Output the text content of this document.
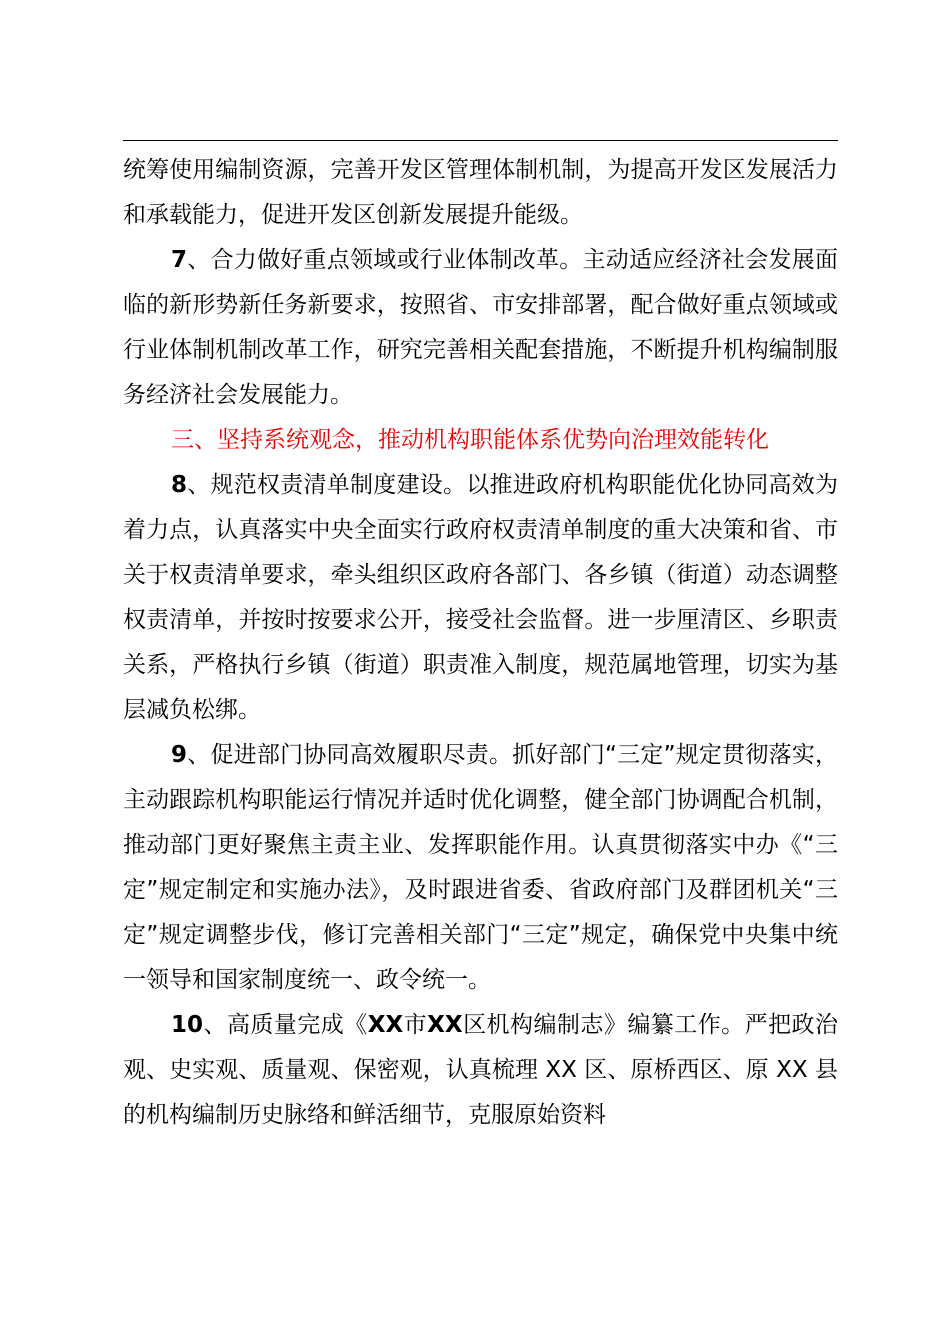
统筹使用编制资源，完善开发区管理体制机制，为提高开发区发展活力和承载能力，促进开发区创新发展提升能级。

7、合力做好重点领域或行业体制改革。主动适应经济社会发展面临的新形势新任务新要求，按照省、市安排部署，配合做好重点领域或行业体制机制改革工作，研究完善相关配套措施，不断提升机构编制服务经济社会发展能力。

三、坚持系统观念，推动机构职能体系优势向治理效能转化

8、规范权责清单制度建设。以推进政府机构职能优化协同高效为着力点，认真落实中央全面实行政府权责清单制度的重大决策和省、市关于权责清单要求，牵头组织区政府各部门、各乡镇（街道）动态调整权责清单，并按时按要求公开，接受社会监督。进一步厘清区、乡职责关系，严格执行乡镇（街道）职责准入制度，规范属地管理，切实为基层减负松绑。

9、促进部门协同高效履职尽责。抓好部门“三定”规定贯彻落实，主动跟踪机构职能运行情况并适时优化调整，健全部门协调配合机制，推动部门更好聚焦主责主业、发挥职能作用。认真贯彻落实中办《“三定”规定制定和实施办法》，及时跟进省委、省政府部门及群团机关“三定”规定调整步伐，修订完善相关部门“三定”规定，确保党中央集中统一领导和国家制度统一、政令统一。

10、高质量完成《XX市XX区机构编制志》编纂工作。严把政治观、史实观、质量观、保密观，认真梳理 XX 区、原桥西区、原 XX 县的机构编制历史脉络和鲜活细节，克服原始资料
